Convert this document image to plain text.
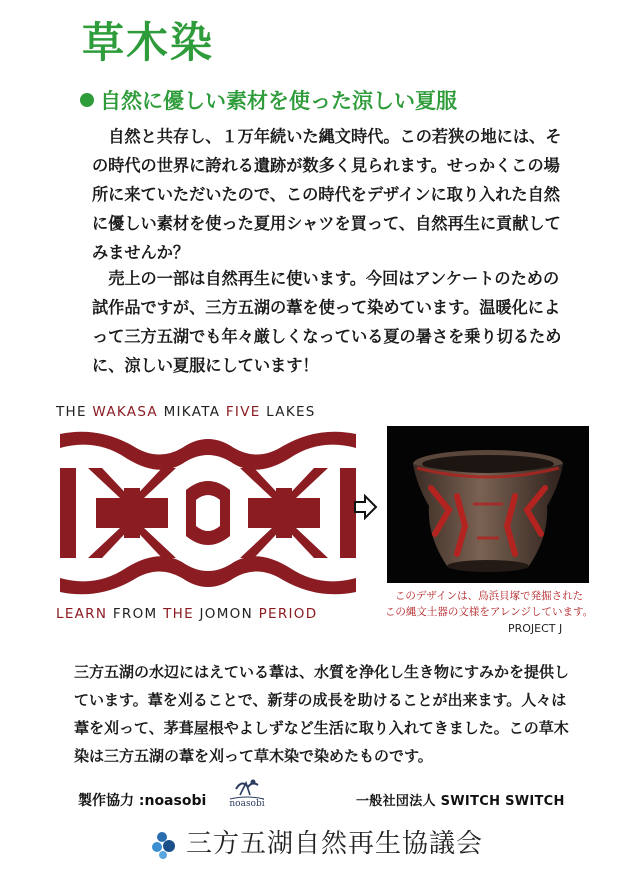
草木染
自然に優しい素材を使った涼しい夏服

自然と共存し、１万年続いた縄文時代。この若狭の地には、その時代の世界に誇れる遺跡が数多く見られます。せっかくこの場所に来ていただいたので、この時代をデザインに取り入れた自然に優しい素材を使った夏用シャツを買って、自然再生に貢献してみませんか？

売上の一部は自然再生に使います。今回はアンケートのための試作品ですが、三方五湖の葦を使って染めています。温暖化によって三方五湖でも年々厳しくなっている夏の暑さを乗り切るために、涼しい夏服にしています！

THE WAKASA MIKATA FIVE LAKES
LEARN FROM THE JOMON PERIOD
このデザインは、鳥浜貝塚で発掘された
この縄文土器の文様をアレンジしています。
PROJECT J
三方五湖の水辺にはえている葦は、水質を浄化し生き物にすみかを提供しています。葦を刈ることで、新芽の成長を助けることが出来ます。人々は葦を刈って、茅葺屋根やよしずなど生活に取り入れてきました。この草木染は三方五湖の葦を刈って草木染で染めたものです。
製作協力 :noasobi	noasobi	一般社団法人 SWITCH SWITCH
三方五湖自然再生協議会
